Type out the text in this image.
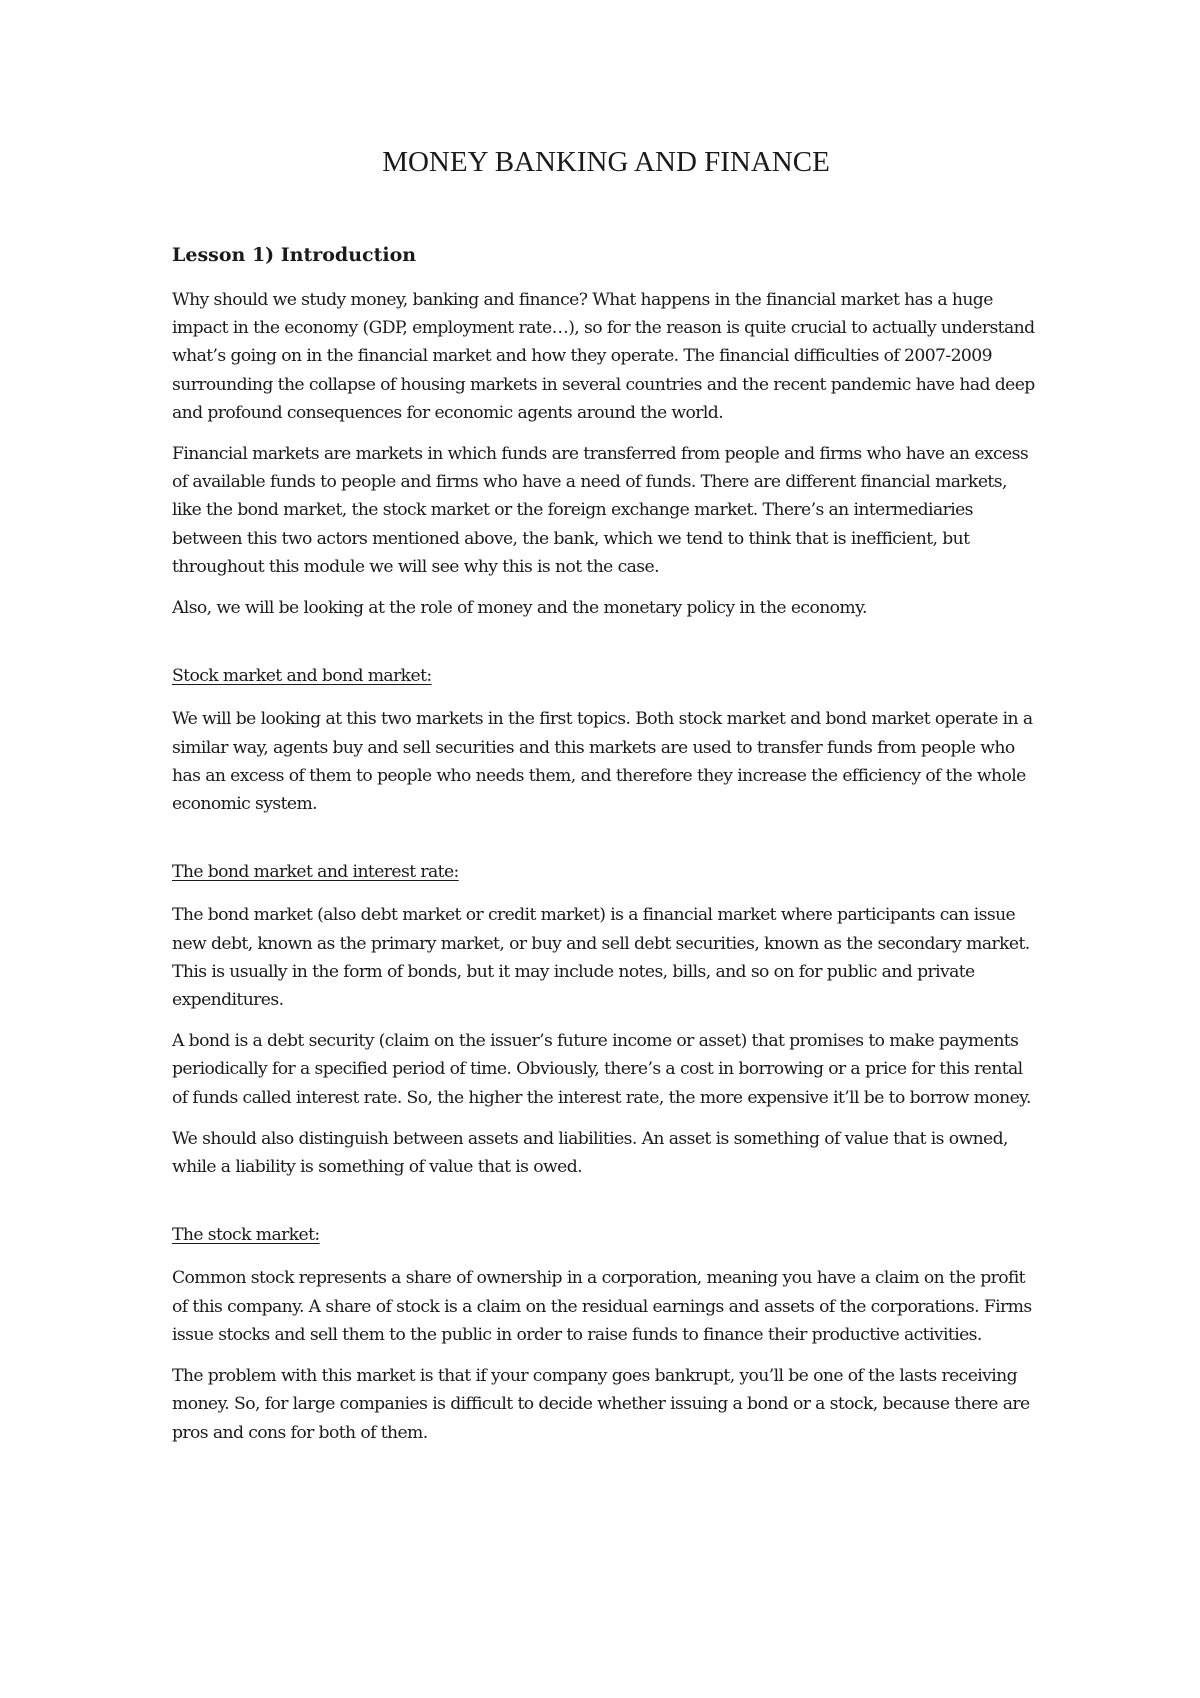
MONEY BANKING AND FINANCE
Lesson 1) Introduction

Why should we study money, banking and finance? What happens in the financial market has a huge impact in the economy (GDP, employment rate…), so for the reason is quite crucial to actually understand what’s going on in the financial market and how they operate. The financial difficulties of 2007-2009 surrounding the collapse of housing markets in several countries and the recent pandemic have had deep and profound consequences for economic agents around the world.

Financial markets are markets in which funds are transferred from people and firms who have an excess of available funds to people and firms who have a need of funds. There are different financial markets, like the bond market, the stock market or the foreign exchange market. There’s an intermediaries between this two actors mentioned above, the bank, which we tend to think that is inefficient, but throughout this module we will see why this is not the case.

Also, we will be looking at the role of money and the monetary policy in the economy.

Stock market and bond market:

We will be looking at this two markets in the first topics. Both stock market and bond market operate in a similar way, agents buy and sell securities and this markets are used to transfer funds from people who has an excess of them to people who needs them, and therefore they increase the efficiency of the whole economic system.

The bond market and interest rate:

The bond market (also debt market or credit market) is a financial market where participants can issue new debt, known as the primary market, or buy and sell debt securities, known as the secondary market. This is usually in the form of bonds, but it may include notes, bills, and so on for public and private expenditures.

A bond is a debt security (claim on the issuer’s future income or asset) that promises to make payments periodically for a specified period of time. Obviously, there’s a cost in borrowing or a price for this rental of funds called interest rate. So, the higher the interest rate, the more expensive it’ll be to borrow money.

We should also distinguish between assets and liabilities. An asset is something of value that is owned, while a liability is something of value that is owed.

The stock market:

Common stock represents a share of ownership in a corporation, meaning you have a claim on the profit of this company. A share of stock is a claim on the residual earnings and assets of the corporations. Firms issue stocks and sell them to the public in order to raise funds to finance their productive activities.

The problem with this market is that if your company goes bankrupt, you’ll be one of the lasts receiving money. So, for large companies is difficult to decide whether issuing a bond or a stock, because there are pros and cons for both of them.
